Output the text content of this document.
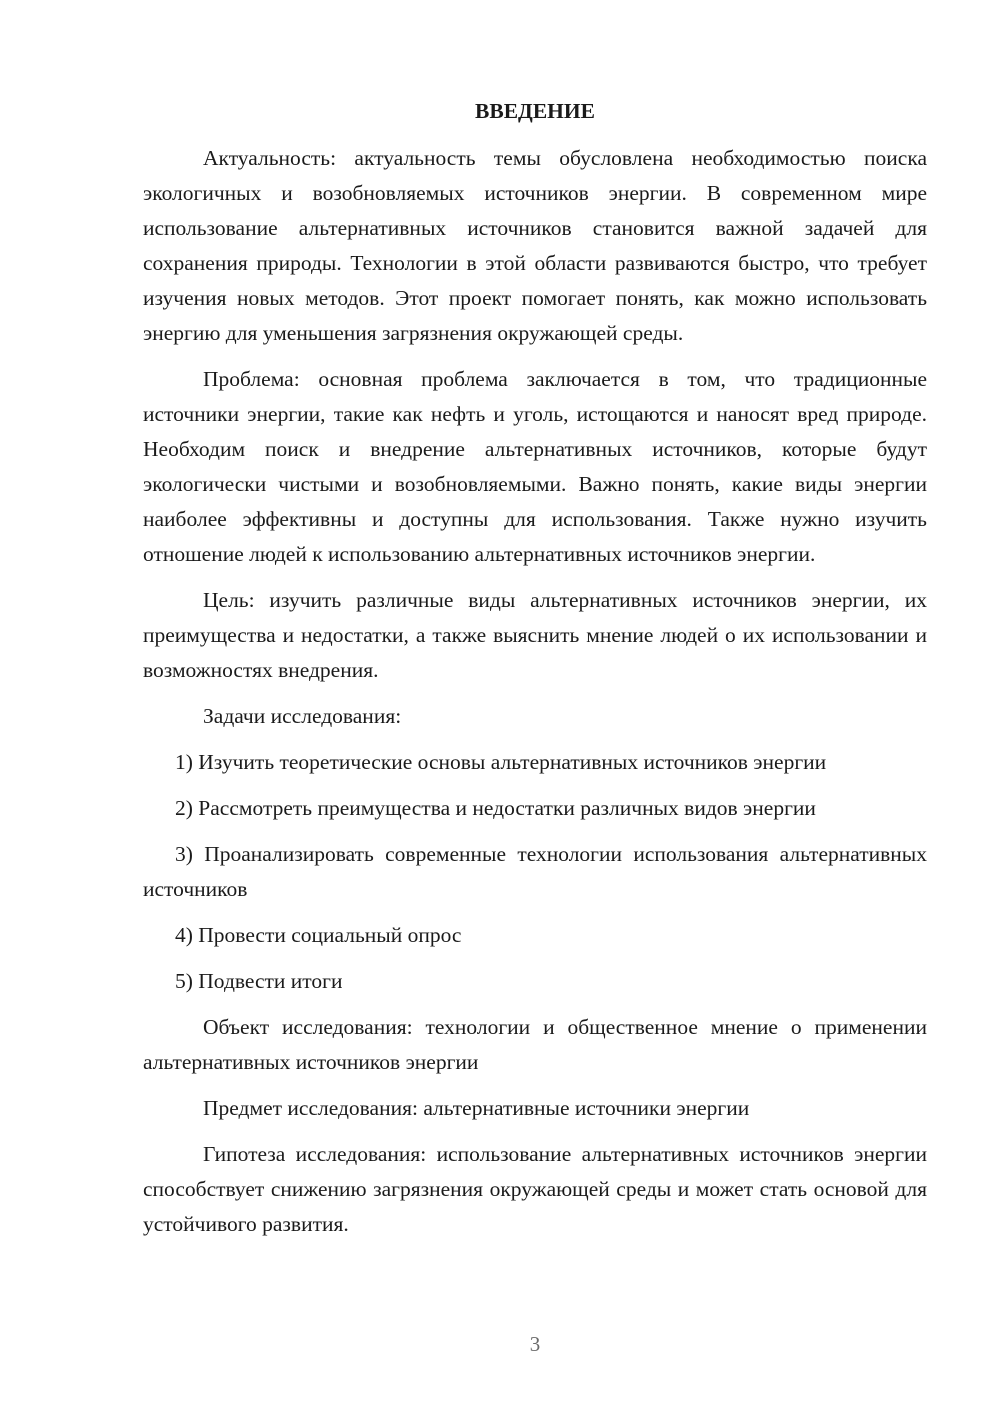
ВВЕДЕНИЕ

Актуальность: актуальность темы обусловлена необходимостью поиска экологичных и возобновляемых источников энергии. В современном мире использование альтернативных источников становится важной задачей для сохранения природы. Технологии в этой области развиваются быстро, что требует изучения новых методов. Этот проект помогает понять, как можно использовать энергию для уменьшения загрязнения окружающей среды.

Проблема: основная проблема заключается в том, что традиционные источники энергии, такие как нефть и уголь, истощаются и наносят вред природе. Необходим поиск и внедрение альтернативных источников, которые будут экологически чистыми и возобновляемыми. Важно понять, какие виды энергии наиболее эффективны и доступны для использования. Также нужно изучить отношение людей к использованию альтернативных источников энергии.

Цель: изучить различные виды альтернативных источников энергии, их преимущества и недостатки, а также выяснить мнение людей о их использовании и возможностях внедрения.

Задачи исследования:

1) Изучить теоретические основы альтернативных источников энергии

2) Рассмотреть преимущества и недостатки различных видов энергии

3) Проанализировать современные технологии использования альтернативных источников

4) Провести социальный опрос

5) Подвести итоги

Объект исследования: технологии и общественное мнение о применении альтернативных источников энергии

Предмет исследования: альтернативные источники энергии

Гипотеза исследования: использование альтернативных источников энергии способствует снижению загрязнения окружающей среды и может стать основой для устойчивого развития.

3
